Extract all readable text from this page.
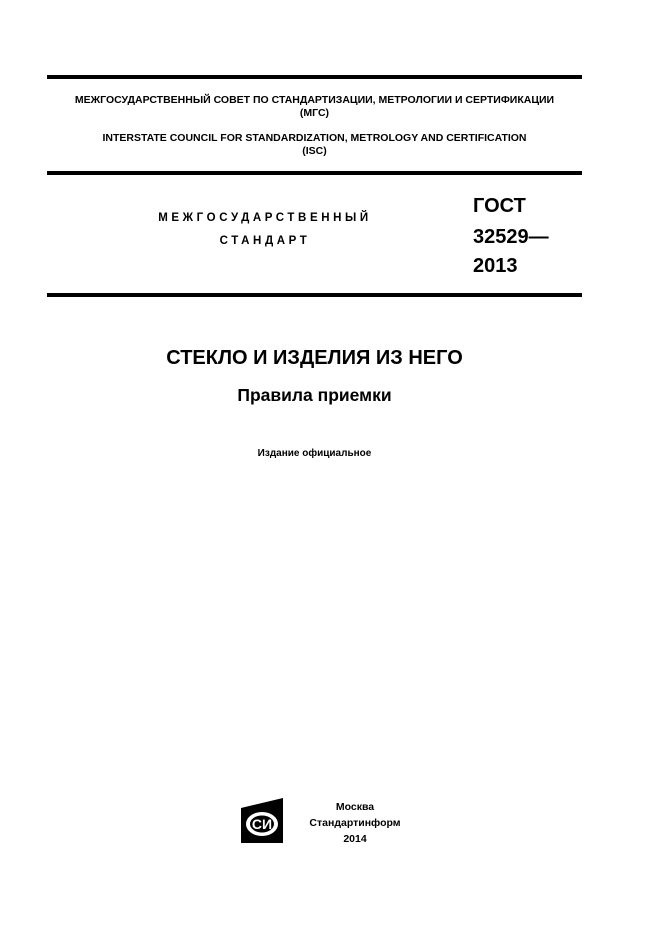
МЕЖГОСУДАРСТВЕННЫЙ СОВЕТ ПО СТАНДАРТИЗАЦИИ, МЕТРОЛОГИИ И СЕРТИФИКАЦИИ
(МГС)
INTERSTATE COUNCIL FOR STANDARDIZATION, METROLOGY AND CERTIFICATION
(ISC)
МЕЖГОСУДАРСТВЕННЫЙ
СТАНДАРТ
ГОСТ
32529—
2013
СТЕКЛО И ИЗДЕЛИЯ ИЗ НЕГО
Правила приемки
Издание официальное
СИ
Москва
Стандартинформ
2014
